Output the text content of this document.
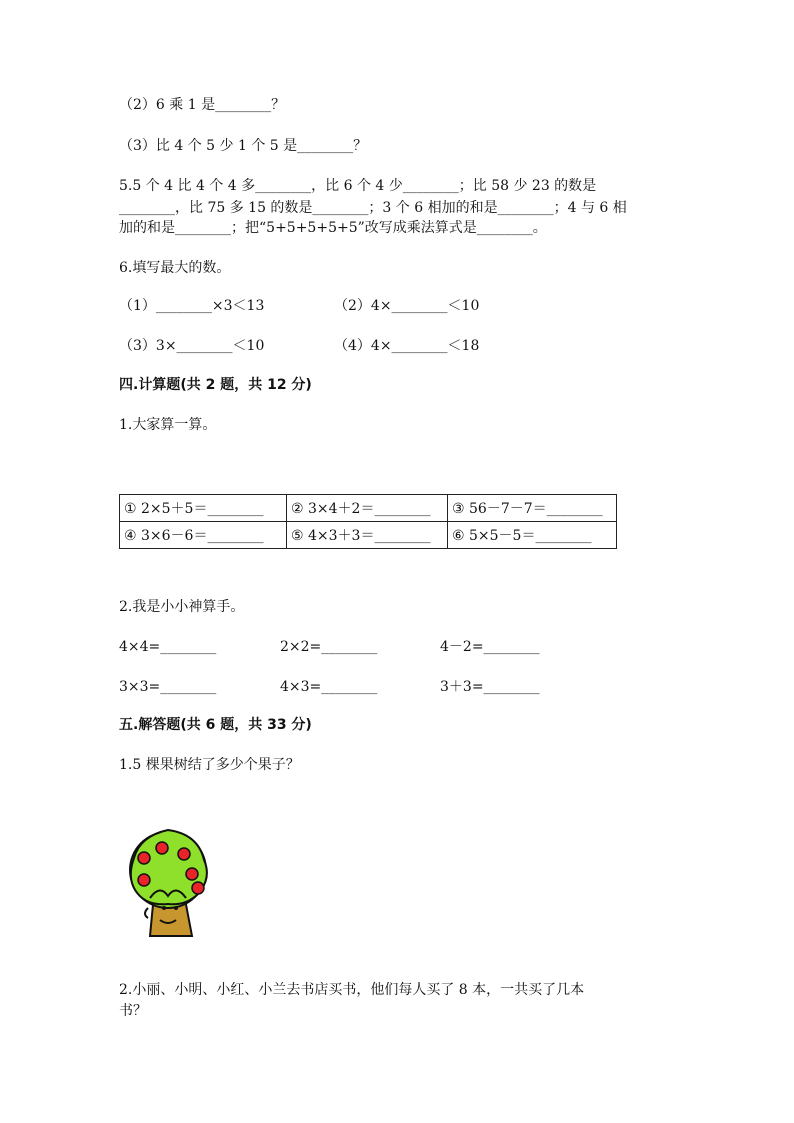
（2）6 乘 1 是________？
（3）比 4 个 5 少 1 个 5 是________？
5.5 个 4 比 4 个 4 多________，比 6 个 4 少________；比 58 少 23 的数是
________，比 75 多 15 的数是________；3 个 6 相加的和是________；4 与 6 相
加的和是________；把“5+5+5+5+5”改写成乘法算式是________。
6.填写最大的数。
（1）________×3＜13	（2）4×________＜10
（3）3×________＜10	（4）4×________＜18
四.计算题(共 2 题，共 12 分)
1.大家算一算。
① 2×5＋5＝________	② 3×4＋2＝________	③ 56－7－7＝________
④ 3×6－6＝________	⑤ 4×3＋3＝________	⑥ 5×5－5＝________
2.我是小小神算手。
4×4=________	2×2=________	4－2=________
3×3=________	4×3=________	3＋3=________
五.解答题(共 6 题，共 33 分)
1.5 棵果树结了多少个果子？
2.小丽、小明、小红、小兰去书店买书，他们每人买了 8 本，一共买了几本
书？
